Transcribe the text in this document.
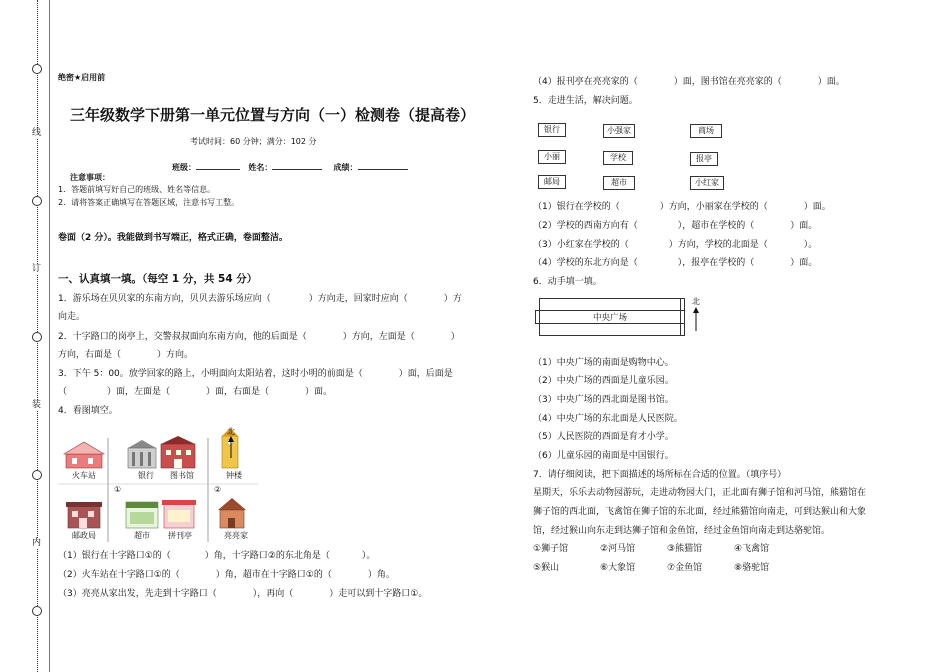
线
订
装
内
绝密★启用前
三年级数学下册第一单元位置与方向（一）检测卷（提高卷）
考试时间：60 分钟；满分：102 分
班级：	姓名：	成绩：
注意事项：
1．答题前填写好自己的班级、姓名等信息。
2．请将答案正确填写在答题区域，注意书写工整。
卷面（2 分）。我能做到书写端正，格式正确，卷面整洁。
一、认真填一填。（每空 1 分，共 54 分）
1．游乐场在贝贝家的东南方向，贝贝去游乐场应向（	）方向走，回家时应向（	）方
向走。
2．十字路口的岗亭上，交警叔叔面向东南方向，他的后面是（	）方向，左面是（	）
方向，右面是（	）方向。
3．下午 5：00。放学回家的路上，小明面向太阳站着，这时小明的前面是（	）面，后面是
（	）面，左面是（	）面，右面是（	）面。
4．看图填空。
火车站	银行 图书馆	钟楼
①	②
邮政局	超市 拼刊亭	亮亮家
北
（1）银行在十字路口①的（	）角，十字路口②的东北角是（	）。
（2）火车站在十字路口①的（	）角，超市在十字路口①的（	）角。
（3）亮亮从家出发，先走到十字路口（	），再向（	）走可以到十字路口①。
（4）报刊亭在亮亮家的（	）面，图书馆在亮亮家的（	）面。
5．走进生活，解决问题。
银行	小强家	商场
小丽	学校	报亭
邮局	超市	小红家
（1）银行在学校的（	）方向，小丽家在学校的（	）面。
（2）学校的西南方向有（	），超市在学校的（	）面。
（3）小红家在学校的（	）方向，学校的北面是（	）。
（4）学校的东北方向是（	），报亭在学校的（	）面。
6．动手填一填。

	中央广场	

北
（1）中央广场的南面是购物中心。
（2）中央广场的西面是儿童乐园。
（3）中央广场的西北面是图书馆。
（4）中央广场的东北面是人民医院。
（5）人民医院的西面是育才小学。
（6）儿童乐园的南面是中国银行。
7．请仔细阅读，把下面描述的场所标在合适的位置。（填序号）
星期天，乐乐去动物园游玩，走进动物园大门，正北面有狮子馆和河马馆，熊猫馆在
狮子馆的西北面，飞禽馆在狮子馆的东北面，经过熊猫馆向南走，可到达猴山和大象
馆，经过猴山向东走到达狮子馆和金鱼馆，经过金鱼馆向南走到达骆驼馆。
①狮子馆	②河马馆	③熊猫馆	④飞禽馆
⑤猴山	⑥大象馆	⑦金鱼馆	⑧骆驼馆
